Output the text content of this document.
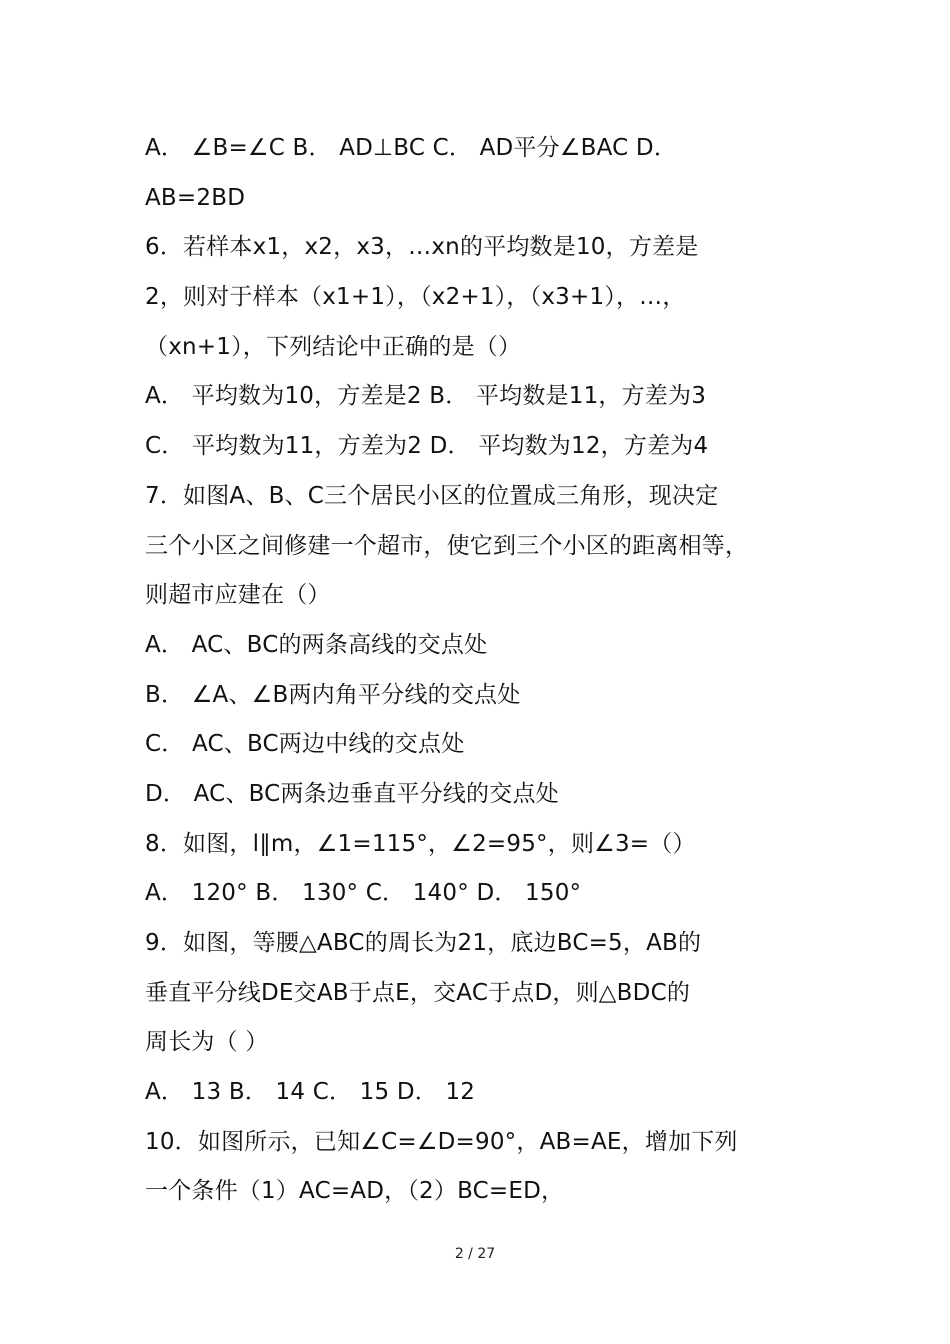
A． ∠B=∠C B． AD⊥BC C． AD平分∠BAC D．
AB=2BD
6．若样本x1，x2，x3，…xn的平均数是10，方差是
2，则对于样本（x1+1），（x2+1），（x3+1），…，
（xn+1），下列结论中正确的是（）
A． 平均数为10，方差是2 B． 平均数是11，方差为3
C． 平均数为11，方差为2 D． 平均数为12，方差为4
7．如图A、B、C三个居民小区的位置成三角形，现决定
三个小区之间修建一个超市，使它到三个小区的距离相等，
则超市应建在（）
A． AC、BC的两条高线的交点处
B． ∠A、∠B两内角平分线的交点处
C． AC、BC两边中线的交点处
D． AC、BC两条边垂直平分线的交点处
8．如图，l∥m，∠1=115°，∠2=95°，则∠3=（）
A． 120° B． 130° C． 140° D． 150°
9．如图，等腰△ABC的周长为21，底边BC=5，AB的
垂直平分线DE交AB于点E，交AC于点D，则△BDC的
周长为（ ）
A． 13 B． 14 C． 15 D． 12
10．如图所示，已知∠C=∠D=90°，AB=AE，增加下列
一个条件（1）AC=AD，（2）BC=ED，
2 / 27
